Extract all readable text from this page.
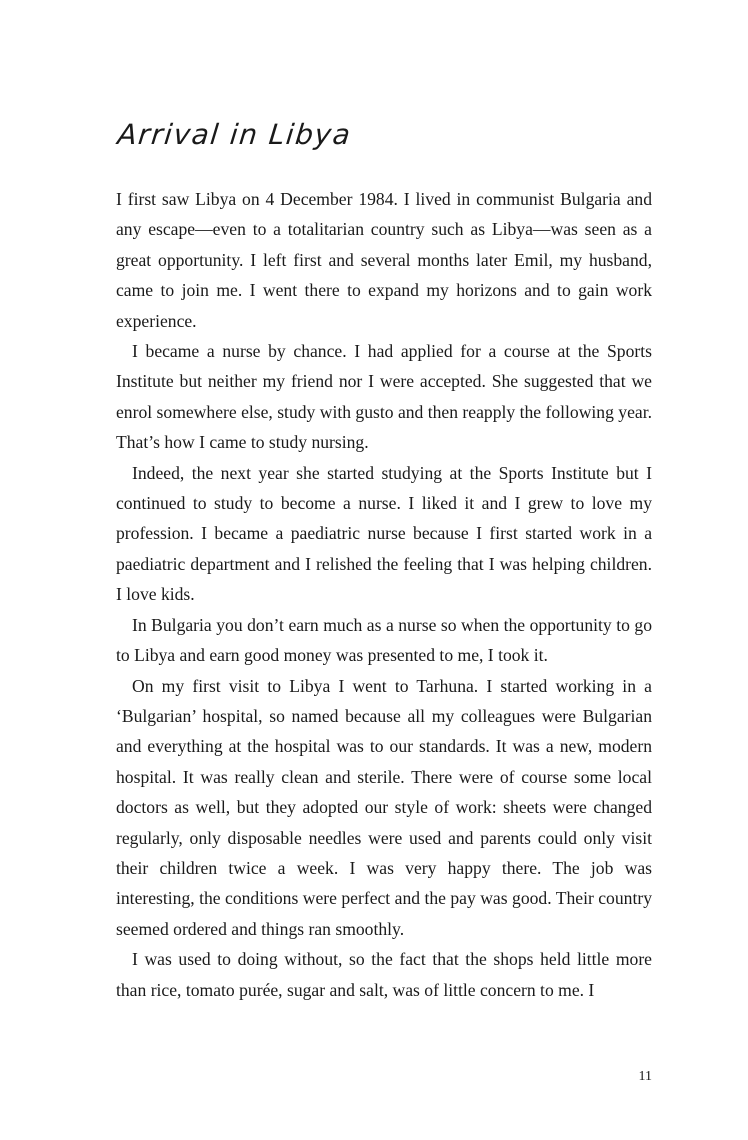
Arrival in Libya

I first saw Libya on 4 December 1984. I lived in communist Bulgaria and any escape—even to a totalitarian country such as Libya—was seen as a great opportunity. I left first and several months later Emil, my husband, came to join me. I went there to expand my horizons and to gain work experience.

I became a nurse by chance. I had applied for a course at the Sports Institute but neither my friend nor I were accepted. She suggested that we enrol somewhere else, study with gusto and then reapply the following year. That’s how I came to study nursing.

Indeed, the next year she started studying at the Sports Institute but I continued to study to become a nurse. I liked it and I grew to love my profession. I became a paediatric nurse because I first started work in a paediatric department and I relished the feeling that I was helping children. I love kids.

In Bulgaria you don’t earn much as a nurse so when the opportunity to go to Libya and earn good money was presented to me, I took it.

On my first visit to Libya I went to Tarhuna. I started working in a ‘Bulgarian’ hospital, so named because all my colleagues were Bulgarian and everything at the hospital was to our standards. It was a new, modern hospital. It was really clean and sterile. There were of course some local doctors as well, but they adopted our style of work: sheets were changed regularly, only disposable needles were used and parents could only visit their children twice a week. I was very happy there. The job was interesting, the conditions were perfect and the pay was good. Their country seemed ordered and things ran smoothly.

I was used to doing without, so the fact that the shops held little more than rice, tomato purée, sugar and salt, was of little concern to me. I

11
